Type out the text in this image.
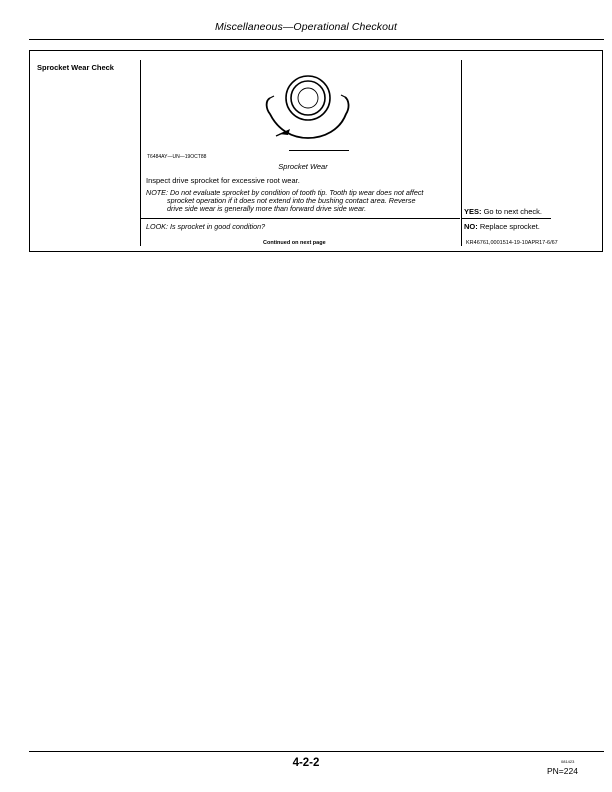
Miscellaneous—Operational Checkout
Sprocket Wear Check
T6484AY—UN—19OCT88
Sprocket Wear
Inspect drive sprocket for excessive root wear.
NOTE: Do not evaluate sprocket by condition of tooth tip. Tooth tip wear does not affect
sprocket operation if it does not extend into the bushing contact area. Reverse
drive side wear is generally more than forward drive side wear.
LOOK: Is sprocket in good condition?
YES: Go to next check.
NO: Replace sprocket.
Continued on next page	KR46761,0001514-19-10APR17-6/67
4-2-2	081423
PN=224
